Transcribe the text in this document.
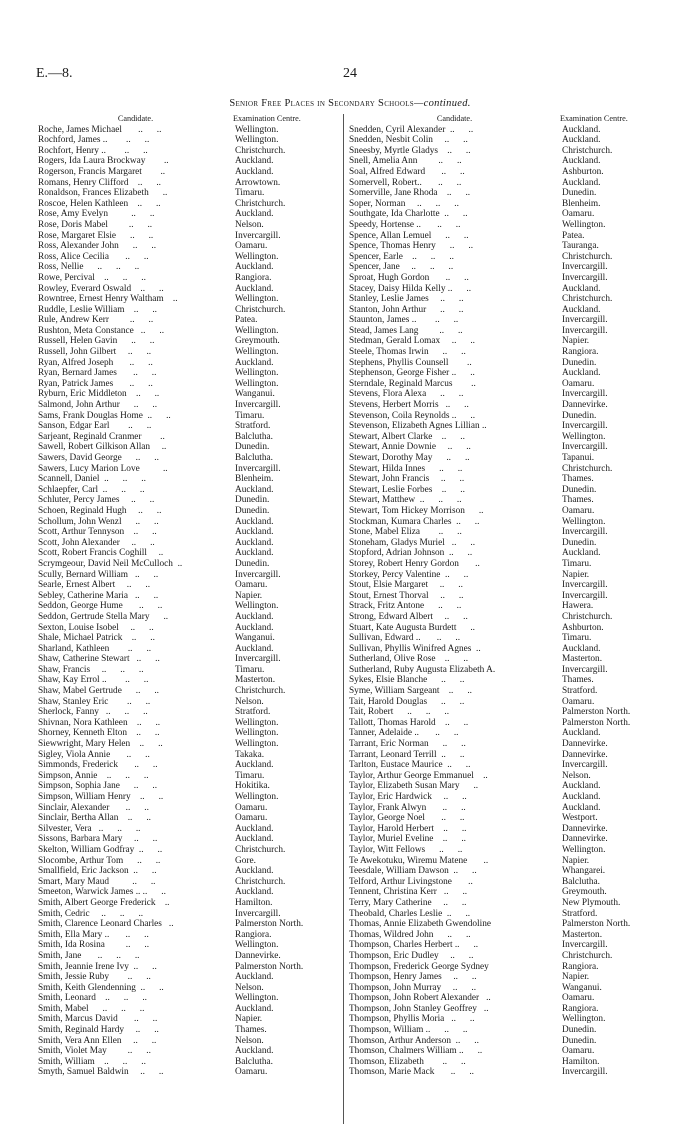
E.—8.	24
Senior Free Places in Secondary Schools—continued.
Candidate.	Examination Centre.
Roche, James Michael       ..      ..	Wellington.
Rochford, James ..        ..      ..	Wellington.
Rochfort, Henry ..        ..      ..	Christchurch.
Rogers, Ida Laura Brockway        ..	Auckland.
Rogerson, Francis Margaret        ..	Auckland.
Romans, Henry Clifford    ..      ..	Arrowtown.
Ronaldson, Frances Elizabeth      ..	Timaru.
Roscoe, Helen Kathleen    ..      ..	Christchurch.
Rose, Amy Evelyn          ..      ..	Auckland.
Rose, Doris Mabel         ..      ..	Nelson.
Rose, Margaret Elsie      ..      ..	Invercargill.
Ross, Alexander John      ..      ..	Oamaru.
Ross, Alice Cecilia       ..      ..	Wellington.
Ross, Nellie      ..      ..      ..	Auckland.
Rowe, Percival    ..      ..      ..	Rangiora.
Rowley, Everard Oswald    ..      ..	Auckland.
Rowntree, Ernest Henry Waltham    ..	Wellington.
Ruddle, Leslie William    ..      ..	Christchurch.
Rule, Andrew Kerr         ..      ..	Patea.
Rushton, Meta Constance   ..      ..	Wellington.
Russell, Helen Gavin      ..      ..	Greymouth.
Russell, John Gilbert     ..      ..	Wellington.
Ryan, Alfred Joseph       ..      ..	Auckland.
Ryan, Bernard James       ..      ..	Wellington.
Ryan, Patrick James       ..      ..	Wellington.
Ryburn, Eric Middleton    ..      ..	Wanganui.
Salmond, John Arthur      ..      ..	Invercargill.
Sams, Frank Douglas Home  ..      ..	Timaru.
Sanson, Edgar Earl        ..      ..	Stratford.
Sarjeant, Reginald Cranmer        ..	Balclutha.
Sawell, Robert Gilkison Allan     ..	Dunedin.
Sawers, David George      ..      ..	Balclutha.
Sawers, Lucy Marion Love          ..	Invercargill.
Scannell, Daniel  ..      ..      ..	Blenheim.
Schlaepfer, Carl  ..      ..      ..	Auckland.
Schluter, Percy James     ..      ..	Dunedin.
Schoen, Reginald Hugh     ..      ..	Dunedin.
Schollum, John Wenzl      ..      ..	Auckland.
Scott, Arthur Tennyson    ..      ..	Auckland.
Scott, John Alexander     ..      ..	Auckland.
Scott, Robert Francis Coghill     ..	Auckland.
Scrymgeour, David Neil McCulloch  ..	Dunedin.
Scully, Bernard William   ..      ..	Invercargill.
Searle, Ernest Albert     ..      ..	Oamaru.
Sebley, Catherine Maria   ..      ..	Napier.
Seddon, George Hume       ..      ..	Wellington.
Seddon, Gertrude Stella Mary      ..	Auckland.
Sexton, Louise Isobel     ..      ..	Auckland.
Shale, Michael Patrick    ..      ..	Wanganui.
Sharland, Kathleen        ..      ..	Auckland.
Shaw, Catherine Stewart   ..      ..	Invercargill.
Shaw, Francis     ..      ..      ..	Timaru.
Shaw, Kay Errol ..        ..      ..	Masterton.
Shaw, Mabel Gertrude      ..      ..	Christchurch.
Shaw, Stanley Eric        ..      ..	Nelson.
Sherlock, Fanny   ..      ..      ..	Stratford.
Shivnan, Nora Kathleen    ..      ..	Wellington.
Shorney, Kenneth Elton    ..      ..	Wellington.
Siewwright, Mary Helen    ..      ..	Wellington.
Sigley, Viola Annie       ..      ..	Takaka.
Simmonds, Frederick       ..      ..	Auckland.
Simpson, Annie    ..      ..      ..	Timaru.
Simpson, Sophia Jane      ..      ..	Hokitika.
Simpson, William Henry    ..      ..	Wellington.
Sinclair, Alexander       ..      ..	Oamaru.
Sinclair, Bertha Allan    ..      ..	Oamaru.
Silvester, Vera   ..      ..      ..	Auckland.
Sissons, Barbara Mary     ..      ..	Auckland.
Skelton, William Godfray  ..      ..	Christchurch.
Slocombe, Arthur Tom      ..      ..	Gore.
Smallfield, Eric Jackson  ..      ..	Auckland.
Smart, Mary Maud          ..      ..	Christchurch.
Smeeton, Warwick James .. ..      ..	Auckland.
Smith, Albert George Frederick    ..	Hamilton.
Smith, Cedric     ..      ..      ..	Invercargill.
Smith, Clarence Leonard Charles   ..	Palmerston North.
Smith, Ella Mary ..       ..      ..	Rangiora.
Smith, Ida Rosina         ..      ..	Wellington.
Smith, Jane       ..      ..      ..	Dannevirke.
Smith, Jeannie Irene Ivy  ..      ..	Palmerston North.
Smith, Jessie Ruby        ..      ..	Auckland.
Smith, Keith Glendenning  ..      ..	Nelson.
Smith, Leonard    ..      ..      ..	Wellington.
Smith, Mabel      ..      ..      ..	Auckland.
Smith, Marcus David       ..      ..	Napier.
Smith, Reginald Hardy     ..      ..	Thames.
Smith, Vera Ann Ellen     ..      ..	Nelson.
Smith, Violet May         ..      ..	Auckland.
Smith, William    ..      ..      ..	Balclutha.
Smyth, Samuel Baldwin     ..      ..	Oamaru.
Candidate.	Examination Centre.
Snedden, Cyril Alexander  ..      ..	Auckland.
Snedden, Nesbit Colin     ..      ..	Auckland.
Sneesby, Myrtle Gladys    ..      ..	Christchurch.
Snell, Amelia Ann         ..      ..	Auckland.
Soal, Alfred Edward       ..      ..	Ashburton.
Somervell, Robert..       ..      ..	Auckland.
Somerville, Jane Rhoda    ..      ..	Dunedin.
Soper, Norman     ..      ..      ..	Blenheim.
Southgate, Ida Charlotte  ..      ..	Oamaru.
Speedy, Hortense ..       ..      ..	Wellington.
Spence, Allan Lemuel      ..      ..	Patea.
Spence, Thomas Henry      ..      ..	Tauranga.
Spencer, Earle    ..      ..      ..	Christchurch.
Spencer, Jane     ..      ..      ..	Invercargill.
Sproat, Hugh Gordon       ..      ..	Invercargill.
Stacey, Daisy Hilda Kelly ..      ..	Auckland.
Stanley, Leslie James     ..      ..	Christchurch.
Stanton, John Arthur      ..      ..	Auckland.
Staunton, James ..        ..      ..	Invercargill.
Stead, James Lang         ..      ..	Invercargill.
Stedman, Gerald Lomax     ..      ..	Napier.
Steele, Thomas Irwin      ..      ..	Rangiora.
Stephens, Phyllis Counsell        ..	Dunedin.
Stephenson, George Fisher ..      ..	Auckland.
Sterndale, Reginald Marcus        ..	Oamaru.
Stevens, Flora Alexa      ..      ..	Invercargill.
Stevens, Herbert Morris   ..      ..	Dannevirke.
Stevenson, Coila Reynolds ..      ..	Dunedin.
Stevenson, Elizabeth Agnes Lillian ..	Invercargill.
Stewart, Albert Clarke    ..      ..	Wellington.
Stewart, Annie Downie     ..      ..	Invercargill.
Stewart, Dorothy May      ..      ..	Tapanui.
Stewart, Hilda Innes      ..      ..	Christchurch.
Stewart, John Francis     ..      ..	Thames.
Stewart, Leslie Forbes    ..      ..	Dunedin.
Stewart, Matthew  ..      ..      ..	Thames.
Stewart, Tom Hickey Morrison      ..	Oamaru.
Stockman, Kumara Charles  ..      ..	Wellington.
Stone, Mabel Eliza        ..      ..	Invercargill.
Stoneham, Gladys Muriel   ..      ..	Dunedin.
Stopford, Adrian Johnson  ..      ..	Auckland.
Storey, Robert Henry Gordon       ..	Timaru.
Storkey, Percy Valentine  ..      ..	Napier.
Stout, Elsie Margaret     ..      ..	Invercargill.
Stout, Ernest Thorval     ..      ..	Invercargill.
Strack, Fritz Antone      ..      ..	Hawera.
Strong, Edward Albert     ..      ..	Christchurch.
Stuart, Kate Augusta Burdett      ..	Ashburton.
Sullivan, Edward ..       ..      ..	Timaru.
Sullivan, Phyllis Winifred Agnes  ..	Auckland.
Sutherland, Olive Rose    ..      ..	Masterton.
Sutherland, Ruby Augusta Elizabeth A.	Invercargill.
Sykes, Elsie Blanche      ..      ..	Thames.
Syme, William Sargeant    ..      ..	Stratford.
Tait, Harold Douglas      ..      ..	Oamaru.
Tait, Robert      ..      ..      ..	Palmerston North.
Tallott, Thomas Harold    ..      ..	Palmerston North.
Tanner, Adelaide ..       ..      ..	Auckland.
Tarrant, Eric Norman      ..      ..	Dannevirke.
Tarrant, Leonard Terrill  ..      ..	Dannevirke.
Tarlton, Eustace Maurice  ..      ..	Invercargill.
Taylor, Arthur George Emmanuel    ..	Nelson.
Taylor, Elizabeth Susan Mary      ..	Auckland.
Taylor, Eric Hardwick     ..      ..	Auckland.
Taylor, Frank Alwyn       ..      ..	Auckland.
Taylor, George Noel       ..      ..	Westport.
Taylor, Harold Herbert    ..      ..	Dannevirke.
Taylor, Muriel Eveline    ..      ..	Dannevirke.
Taylor, Witt Fellows      ..      ..	Wellington.
Te Awekotuku, Wiremu Matene       ..	Napier.
Teesdale, William Dawson  ..      ..	Whangarei.
Telford, Arthur Livingstone       ..	Balclutha.
Tennent, Christina Kerr   ..      ..	Greymouth.
Terry, Mary Catherine     ..      ..	New Plymouth.
Theobald, Charles Leslie  ..      ..	Stratford.
Thomas, Annie Elizabeth Gwendoline	Palmerston North.
Thomas, Wildred John      ..      ..	Masterton.
Thompson, Charles Herbert ..      ..	Invercargill.
Thompson, Eric Dudley     ..      ..	Christchurch.
Thompson, Frederick George Sydney	Rangiora.
Thompson, Henry James     ..      ..	Napier.
Thompson, John Murray     ..      ..	Wanganui.
Thompson, John Robert Alexander   ..	Oamaru.
Thompson, John Stanley Geoffrey   ..	Rangiora.
Thompson, Phyllis Moria   ..      ..	Wellington.
Thompson, William ..      ..      ..	Dunedin.
Thomson, Arthur Anderson  ..      ..	Dunedin.
Thomson, Chalmers William ..      ..	Oamaru.
Thomson, Elizabeth        ..      ..	Hamilton.
Thomson, Marie Mack       ..      ..	Invercargill.
